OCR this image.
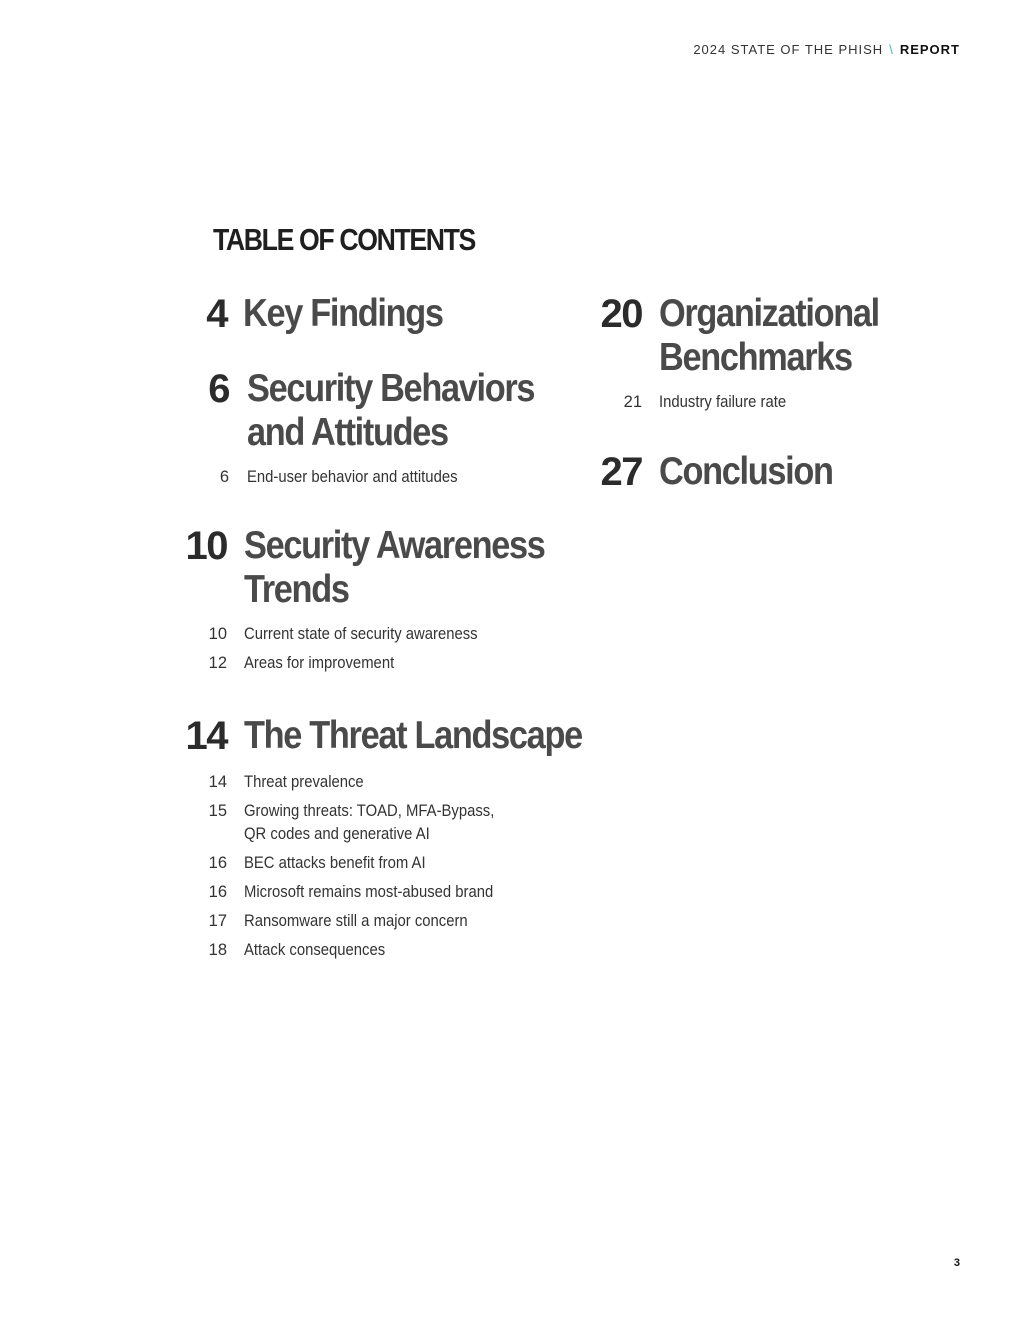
2024 STATE OF THE PHISH \ REPORT
TABLE OF CONTENTS
4 Key Findings
6 Security Behaviors
and Attitudes
6 End-user behavior and attitudes
10 Security Awareness
Trends
10 Current state of security awareness
12 Areas for improvement
14 The Threat Landscape
14 Threat prevalence
15 Growing threats: TOAD, MFA-Bypass,
QR codes and generative AI
16 BEC attacks benefit from AI
16 Microsoft remains most-abused brand
17 Ransomware still a major concern
18 Attack consequences
20 Organizational
Benchmarks
21 Industry failure rate
27 Conclusion
3
